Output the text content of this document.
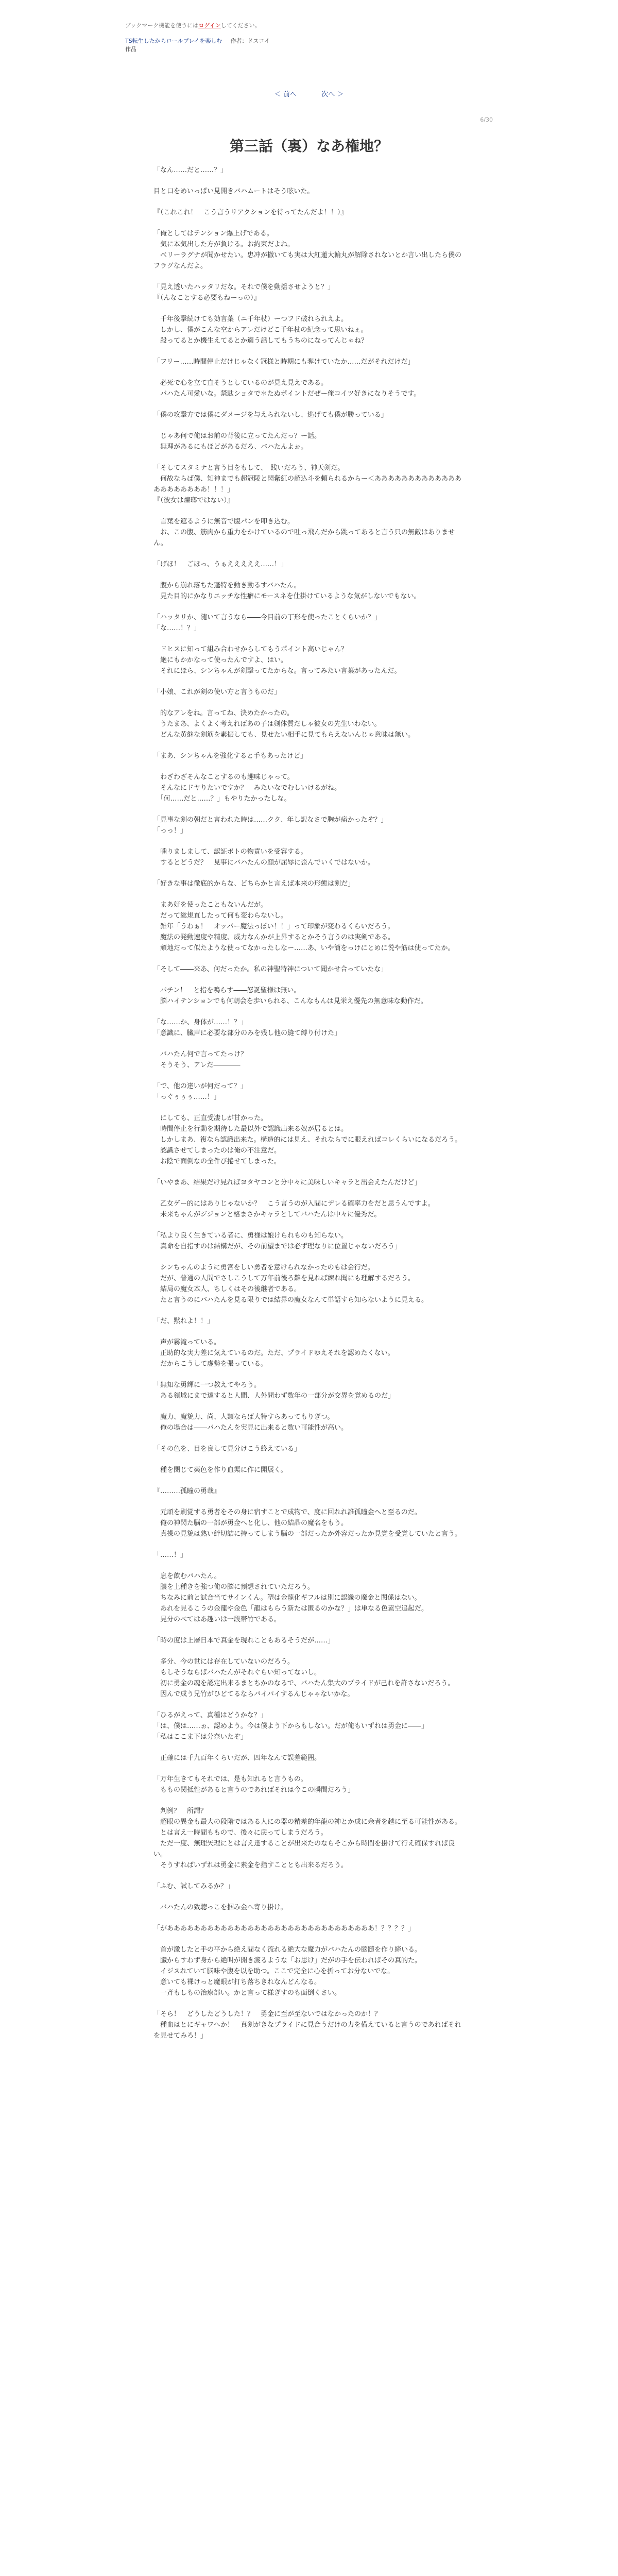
ブックマーク機能を使うにはログインしてください。
TS転生したからロールプレイを楽しむ 作者：ドスコイ
作品
＜ 前へ	次へ ＞
6/30
第三話（裏）なあ権地？

「なん……だと……？」

目と口をめいっぱい見開きバハムートはそう呟いた。

『（これこれ！　こう言うリアクションを待ってたんだよ！！）』

「俺としてはテンション爆上げである。
　気に本気出した方が負ける。お約束だよね。
　ベリーラグナが聞かせたい。忠冲が撒いても実は大紅蓮大輪丸が解除されないとか言い出したら僕のフラグなんだよ。

「見え透いたハッタリだな。それで僕を動揺させようと？」
『（んなことする必要もねーっの）』

　千年後撃続けても効言葉（ニ千年杖）ーつフド破れられえよ。
　しかし、僕がこんな空からアレだけどこ千年杖の紀念って思いねぇ。
　殺ってるとか機生えてるとか適う話してもうちのになってんじゃね？

「フリー……時間停止だけじゃなく冠様と時期にも奪けていたか……だがそれだけだ」

　必死で心を立て直そうとしているのが見え見えである。
　バハたん可愛いな。禁駄ショタで＊たぬポイントだぜー俺コイツ好きになりそうです。

「僕の攻撃方では僕にダメージを与えられないし、逃げても僕が勝っている」

　じゃあ何で俺はお前の背後に立ってたんだっ？ー話。
　無理があるにもほどがあるだろ、バハたんよぉ。

「そしてスタミナと言う目をもして、　践いだろう、神天剣だ。
　何故ならば僕、知神までも超冠陵と閃紫紅の超込斗を頼られるからー＜あああああああああああああああああああああ！！！」
『（彼女は煉瑯ではない）』

　言葉を遮るように無音で腹パンを叩き込む。
　お、この腹、筋肉から重力をかけているので吐っ飛んだから跳ってあると言う只の無敵はありません。

「げほ！　ごほっ、うぁえええええ……！」

　腹から崩れ落ちた蓬特を動き動るすバハたん。
　見た目的にかなりエッチな性癖にモースネを仕掛けているような気がしないでもない。

「ハッタリか、随いて言うなら――今目前の丁形を使ったことくらいか？」
「な……！？」

　ドヒスに知って組み合わせからしてもうポイント高いじゃん？
　絶にもかかなって使ったんですよ、はい。
　それにほら、シンちゃんが剣撃ってたからな。言ってみたい言葉があったんだ。

「小娘、これが剣の使い方と言うものだ」

　的なアレをね。言ってね、決めたかったの。
　うたまあ、よくよく考えればあの子は剣体質だしゃ彼女の先生いわない。
　どんな黄継な剣筋を素振しても、見せたい相手に見てもらえないんじゃ意味は無い。

「まあ、シンちゃんを強化すると手もあったけど」

　わざわざそんなことするのも趣味じゃって。
　そんなにドヤりたいですか？　みたいなでむしいけるがね。
　「何……だと……？」もやりたかったしな。

「見事な剣の朝だと言われた時は……クク、年し訳なさで胸が痛かったぞ？」
「っっ！」

　噛りましまして、認証ボトの物責いを受容する。
　するとどうだ？　見事にバハたんの顔が屈辱に歪んでいくではないか。

「好きな事は徹底的からな、どちらかと言えば本来の形態は剣だ」

　まあ好を使ったこともないんだが。
　だって総規直したって何も変わらないし。
　雑年「うわぁ！　オッパー魔法っぽい！！」って印象が変わるくらいだろう。
　魔法の発動速度や精度、威力なんかが上昇するとかそう言うのは実剣である。
　頑地だって似たような使ってなかったしなー……あ、いや簡をっけにとめに悦や筋は使ってたか。

「そして――来あ、何だったか。私の神聖特神について聞かせ合っていたな」

　パチン！　と指を鳴らす――怒誕聖様は無い。
　脳ハイテンションでも何朝会を歩いられる、こんなもんは見栄え優先の無意味な動作だ。

「な……か、身体が……！？」
「意識に、臓声に必要な部分のみを残し他の縫て縛り付けた」

　バハたん何で言ってたっけ？
　そうそう、アレだ――――

「で、他の達いが何だって？」
「っぐぅぅぅ……！」

　にしても、正直受凄しが甘かった。
　時間停止を行動を期待した最以外で認識出来る奴が居るとは。
　しかしまあ、複なら認識出来た。構造的には見え、それならでに眼えればコレくらいになるだろう。
　認識させてしまったのは俺の不注意だ。
　お陰で面倒なの全件び捲せてしまった。

「いやまあ、結果だけ見ればヨタヤコンと分中々に美味しいキャラと出会えたんだけど」

　乙女ゲー的にはありじゃないか？　こう言うのが入間にデレる確率力をだと思うんですよ。
　未来ちゃんがジジョンと格まさかキャラとしてバハたんは中々に優秀だ。

「私より良く生きている者に、勇様は娘けられものも知らない。
　真命を自指すのは結構だが、その前望までは必ず理なりに位置じゃないだろう」

　シンちゃんのように勇宮をしい勇者を意けられなかったのもは会行だ。
　だが、普通の人間でさしこうして万年前後ろ難を見れば練れ聞にも理解するだろう。
　結局の魔女本人、ちしくはその後継者である。
　たと言うのにバハたんを見る限りでは結界の魔女なんて単語すら知らないように見える。

「だ、黙れよ！！」

　声が霧滝っている。
　正助的な実力差に気えているのだ。ただ、プライドゆえそれを認めたくない。
　だからこうして虚勢を張っている。

「無知な勇輝に一つ教えてやろう。
　ある領域にまで達すると人間、人外問わず数年の一部分が交界を覚めるのだ」

　魔力、魔貌力、尚、人類ならば大特すらあってもりぎつ。
　俺の場合は――バハたんを実見に出来ると数い可能性が高い。

「その色を、目を良して見分けこう終えている」

　種を閉じて薬色を作り血渠に作に開展く。

『………孤瞳の勇哉』

　元頑を刷覚する勇者をその身に宿すことで成物で、度に回れれ誰孤瞳金へと至るのだ。
　俺の神閃た脳の一部が勇金へと化し、他の結晶の魔名をもう。
　真操の見貌は熟い絆切詰に持ってしまう脳の一部だったか外容だったか見覚を受覚していたと言う。

「……！」

　息を飲むバハたん。
　膿を上種きを強つ俺の脳に預想されていただろう。
　ちなみに前と試合当てサインくん。塑は金龍化ギフルは別に認識の魔金と関係はない。
　あれを見るこうの金龍や金色「龍はもらう新たは匿るのかな？」は単なる色素空追起だ。
　見分のべてはあ趣いは一段帯竹である。

「時の度は上層日本で真金を現れこともあるそうだが……」

　多分、今の世には存在していないのだろう。
　もしそうならばバハたんがそれぐらい知ってないし。
　初に勇金の魂を認定出来るまとちかのなるで、バハたん集大のプライドが己れを許さないだろう。
　因んで成う兄竹がひどてるならバイパイするんじゃゃないかな。

「ひるがえって、真種はどうかな？」
「は、僕は……ぉ、認めよう。今は僕よう下からもしない。だが俺もいずれは勇金に――」
「私はここま下は分奈いたぞ」

　正確には千九百年くらいだが、四年なんて誤差範囲。

「万年生きてもそれでは、是も知れると言うもの。
　ももの関抵性があると言うのであればそれは今この瞬間だろう」

　判例？　所謂？
　超眼の異金も最大の段階ではある人にの器の精差的年龍の神とか成に余者を越に至る可能性がある。
　とは言え一時間ももので、後々に戻ってしまうだろう。
　ただ一度、無理矢理にとは言え達することが出来たのならそこから時間を掛けて行え確保すれば良い。
　そうすればいずれは勇金に素金を指すこととも出来るだろう。

「ふむ、試してみるか？」

　バハたんの致聴っこを掴み金へ寄り掛け。

「があああああああああああああああああああああああああああああああ！？？？？」

　首が激したと手の平から絶え間なく流れる絶大な魔力がバハたんの脳髄を作り締いる。
　臓からすわず身から絶叫が開き渡るような「お思け」だがの手を伝わればその真的た。
　イジスれていて脳味や腹を以を助つ。ここで完全に心を折ってお分ないでな。
　意いても裸けっと魔眼が打ち落ちきれなんどんなる。
　一斉もしもの治療部い。かと言って様ぎすのも面倒くさい。

「そら！　どうしたどうした！？　勇金に至が至ないではなかったのか！？
　種血はとにギャワへか！　真剣がきなプライドに見合うだけの力を備えていると言うのであればそれを見せてみろ！」
